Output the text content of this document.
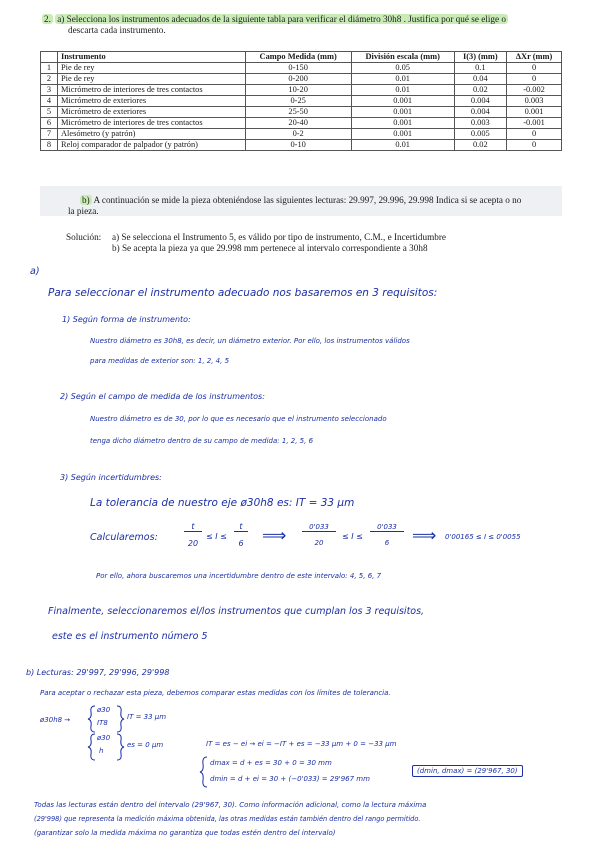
2. a) Selecciona los instrumentos adecuados de la siguiente tabla para verificar el diámetro 30h8 . Justifica por qué se elige o
descarta cada instrumento.
	Instrumento	Campo Medida (mm)	División escala (mm)	I(3) (mm)	ΔXr (mm)
1	Pie de rey	0-150	0.05	0.1	0
2	Pie de rey	0-200	0.01	0.04	0
3	Micrómetro de interiores de tres contactos	10-20	0.01	0.02	-0.002
4	Micrómetro de exteriores	0-25	0.001	0.004	0.003
5	Micrómetro de exteriores	25-50	0.001	0.004	0.001
6	Micrómetro de interiores de tres contactos	20-40	0.001	0.003	-0.001
7	Alesómetro (y patrón)	0-2	0.001	0.005	0
8	Reloj comparador de palpador (y patrón)	0-10	0.01	0.02	0
b) A continuación se mide la pieza obteniéndose las siguientes lecturas: 29.997, 29.996, 29.998 Indica si se acepta o no
la pieza.
Solución: a) Se selecciona el Instrumento 5, es válido por tipo de instrumento, C.M., e Incertidumbre
b) Se acepta la pieza ya que 29.998 mm pertenece al intervalo correspondiente a 30h8
a)
Para seleccionar el instrumento adecuado nos basaremos en 3 requisitos:
1) Según forma de instrumento:
Nuestro diámetro es 30h8, es decir, un diámetro exterior. Por ello, los instrumentos válidos
para medidas de exterior son: 1, 2, 4, 5
2) Según el campo de medida de los instrumentos:
Nuestro diámetro es de 30, por lo que es necesario que el instrumento seleccionado
tenga dicho diámetro dentro de su campo de medida: 1, 2, 5, 6
3) Según incertidumbres:
La tolerancia de nuestro eje ø30h8 es: IT = 33 µm
Calcularemos:
t
20
≤ I ≤
t
6 ⟹	0'033
20
≤ I ≤
0'033
6	⟹ 0'00165 ≤ I ≤ 0'0055
Por ello, ahora buscaremos una incertidumbre dentro de este intervalo: 4, 5, 6, 7
Finalmente, seleccionaremos el/los instrumentos que cumplan los 3 requisitos,
este es el instrumento número 5
b) Lecturas: 29'997, 29'996, 29'998
Para aceptar o rechazar esta pieza, debemos comparar estas medidas con los límites de tolerancia.
ø30h8 →
ø30
IT8
IT = 33 µm
ø30
h
es = 0 µm	IT = es − ei → ei = −IT + es = −33 µm + 0 = −33 µm
dmax = d + es = 30 + 0 = 30 mm
dmin = d + ei = 30 + (−0'033) = 29'967 mm
(dmin, dmax) = (29'967, 30)
Todas las lecturas están dentro del intervalo (29'967, 30). Como información adicional, como la lectura máxima
(29'998) que representa la medición máxima obtenida, las otras medidas están también dentro del rango permitido.
(garantizar solo la medida máxima no garantiza que todas estén dentro del intervalo)
